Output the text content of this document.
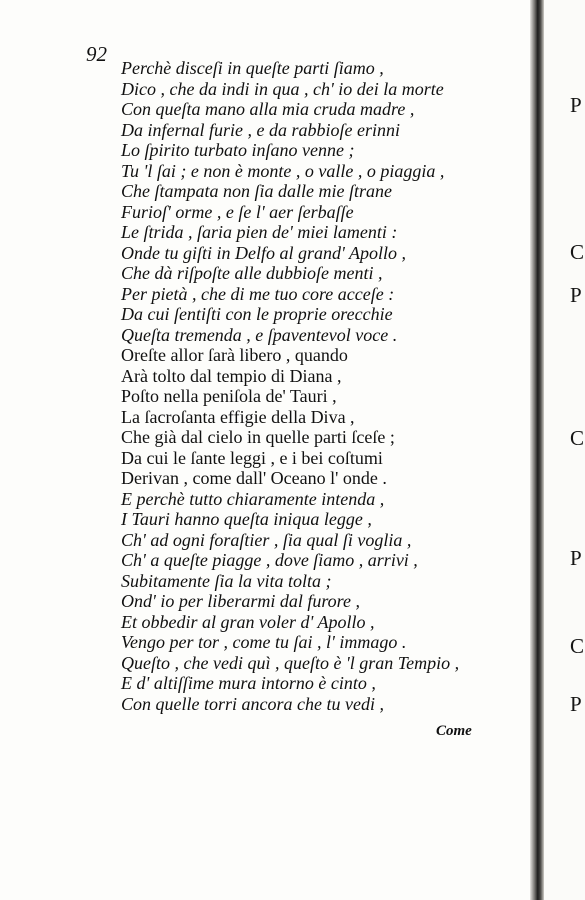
92

Perchè disceſi in queſte parti ſiamo ,

Dico , che da indi in qua , ch' io dei la morte

Con queſta mano alla mia cruda madre ,

Da infernal furie , e da rabbioſe erinni

Lo ſpirito turbato inſano venne ;

Tu 'l ſai ; e non è monte , o valle , o piaggia ,

Che ſtampata non ſia dalle mie ſtrane

Furioſ' orme , e ſe l' aer ſerbaſſe

Le ſtrida , ſaria pien de' miei lamenti :

Onde tu giſti in Delfo al grand' Apollo ,

Che dà riſpoſte alle dubbioſe menti ,

Per pietà , che di me tuo core acceſe :

Da cui ſentiſti con le proprie orecchie

Queſta tremenda , e ſpaventevol voce .

Oreſte allor ſarà libero , quando

Arà tolto dal tempio di Diana ,

Poſto nella peniſola de' Tauri ,

La ſacroſanta effigie della Diva ,

Che già dal cielo in quelle parti ſceſe ;

Da cui le ſante leggi , e i bei coſtumi

Derivan , come dall' Oceano l' onde .

E perchè tutto chiaramente intenda ,

I Tauri hanno queſta iniqua legge ,

Ch' ad ogni foraſtier , ſia qual ſi voglia ,

Ch' a queſte piagge , dove ſiamo , arrivi ,

Subitamente ſia la vita tolta ;

Ond' io per liberarmi dal furore ,

Et obbedir al gran voler d' Apollo ,

Vengo per tor , come tu ſai , l' immago .

Queſto , che vedi quì , queſto è 'l gran Tempio ,

E d' altiſſime mura intorno è cinto ,

Con quelle torri ancora che tu vedi ,

Come
P
C
P
C
P
C
P
